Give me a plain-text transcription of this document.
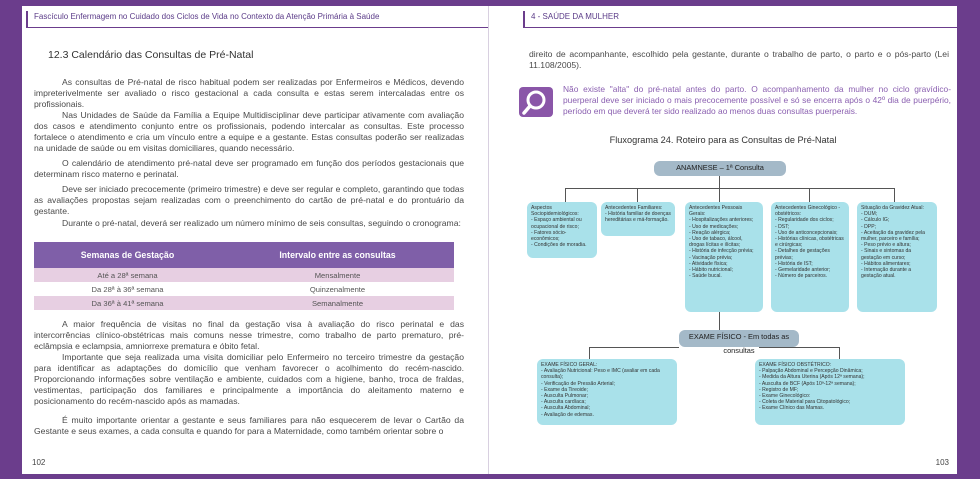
Fascículo Enfermagem no Cuidado dos Ciclos de Vida no Contexto da Atenção Primária à Saúde
12.3 Calendário das Consultas de Pré-Natal
As consultas de Pré-natal de risco habitual podem ser realizadas por Enfermeiros e Médicos, devendo impreterivelmente ser avaliado o risco gestacional a cada consulta e estas serem intercaladas entre os profissionais.
Nas Unidades de Saúde da Família a Equipe Multidisciplinar deve participar ativamente com avaliação dos casos e atendimento conjunto entre os profissionais, podendo intercalar as consultas. Este processo fortalece o atendimento e cria um vínculo entre a equipe e a gestante. Estas consultas poderão ser realizadas na unidade de saúde ou em visitas domiciliares, quando necessário.
O calendário de atendimento pré-natal deve ser programado em função dos períodos gestacionais que determinam risco materno e perinatal.
Deve ser iniciado precocemente (primeiro trimestre) e deve ser regular e completo, garantindo que todas as avaliações propostas sejam realizadas com o preenchimento do cartão de pré-natal e do prontuário da gestante.
Durante o pré-natal, deverá ser realizado um número mínimo de seis consultas, seguindo o cronograma:
Semanas de Gestação	Intervalo entre as consultas
Até a 28ª semana	Mensalmente
Da 28ª à 36ª semana	Quinzenalmente
Da 36ª à 41ª semana	Semanalmente
A maior frequência de visitas no final da gestação visa à avaliação do risco perinatal e das intercorrências clínico-obstétricas mais comuns nesse trimestre, como trabalho de parto prematuro, pré-eclâmpsia e eclampsia, amniorrexe prematura e óbito fetal.
Importante que seja realizada uma visita domiciliar pelo Enfermeiro no terceiro trimestre da gestação para identificar as adaptações do domicílio que venham favorecer o acolhimento do recém-nascido. Proporcionando informações sobre ventilação e ambiente, cuidados com a higiene, banho, troca de fraldas, vestimentas, participação dos familiares e principalmente a importância do aleitamento materno e posicionamento do recém-nascido após as mamadas.
É muito importante orientar a gestante e seus familiares para não esquecerem de levar o Cartão da Gestante e seus exames, a cada consulta e quando for para a Maternidade, como também orientar sobre o
102
4 - SAÚDE DA MULHER
direito de acompanhante, escolhido pela gestante, durante o trabalho de parto, o parto e o pós-parto (Lei 11.108/2005).
Não existe "alta" do pré-natal antes do parto. O acompanhamento da mulher no ciclo gravídico-puerperal deve ser iniciado o mais precocemente possível e só se encerra após o 42º dia de puerpério, período em que deverá ter sido realizado ao menos duas consultas puerperais.
Fluxograma 24. Roteiro para as Consultas de Pré-Natal
ANAMNESE – 1ª Consulta
Aspectos Sociopidemiológicos:
- Espaço ambiental ou ocupacional de risco;
- Fatores sócio-econômicos;
- Condições de moradia.
Antecedentes Familiares:
- História familiar de doenças hereditárias e má-formação.
Antecedentes Pessoais Gerais:
- Hospitalizações anteriores;
- Uso de medicações;
- Reação alérgica;
- Uso de tabaco, álcool, drogas lícitas e ilícitas;
- História de infecção prévia;
- Vacinação prévia;
- Atividade física;
- Hábito nutricional;
- Saúde bucal.
Antecedentes Ginecológico - obstétricos:
- Regularidade dos ciclos;
- DST;
- Uso de anticoncepcionais;
- Histórias clínicas, obstétricas e cirúrgicas;
- Detalhes de gestações prévias;
- História de IST;
- Gemelaridade anterior;
- Número de parceiros.
Situação da Gravidez Atual:
- DUM;
- Cálculo IG;
- DPP;
- Aceitação da gravidez pela mulher, parceiro e família;
- Peso prévio e altura;
- Sinais e sintomas da gestação em curso;
- Hábitos alimentares;
- Internação durante a gestação atual.
EXAME FÍSICO - Em todas as consultas
EXAME FÍSICO GERAL:
- Avaliação Nutricional: Peso e IMC (avaliar em cada consulta);
- Verificação de Pressão Arterial;
- Exame da Tireoide;
- Ausculta Pulmonar;
- Ausculta cardíaca;
- Ausculta Abdominal;
- Avaliação de edemas.
EXAME FÍSICO OBSTÉTRICO:
- Palpação Abdominal e Percepção Dinâmica;
- Medida da Altura Uterina (Após 12ª semana);
- Ausculta de BCF (Após 10ª-12ª semana);
- Registro de MF;
- Exame Ginecológico:
- Coleta de Material para Citopatológico;
- Exame Clínico das Mamas.
103
